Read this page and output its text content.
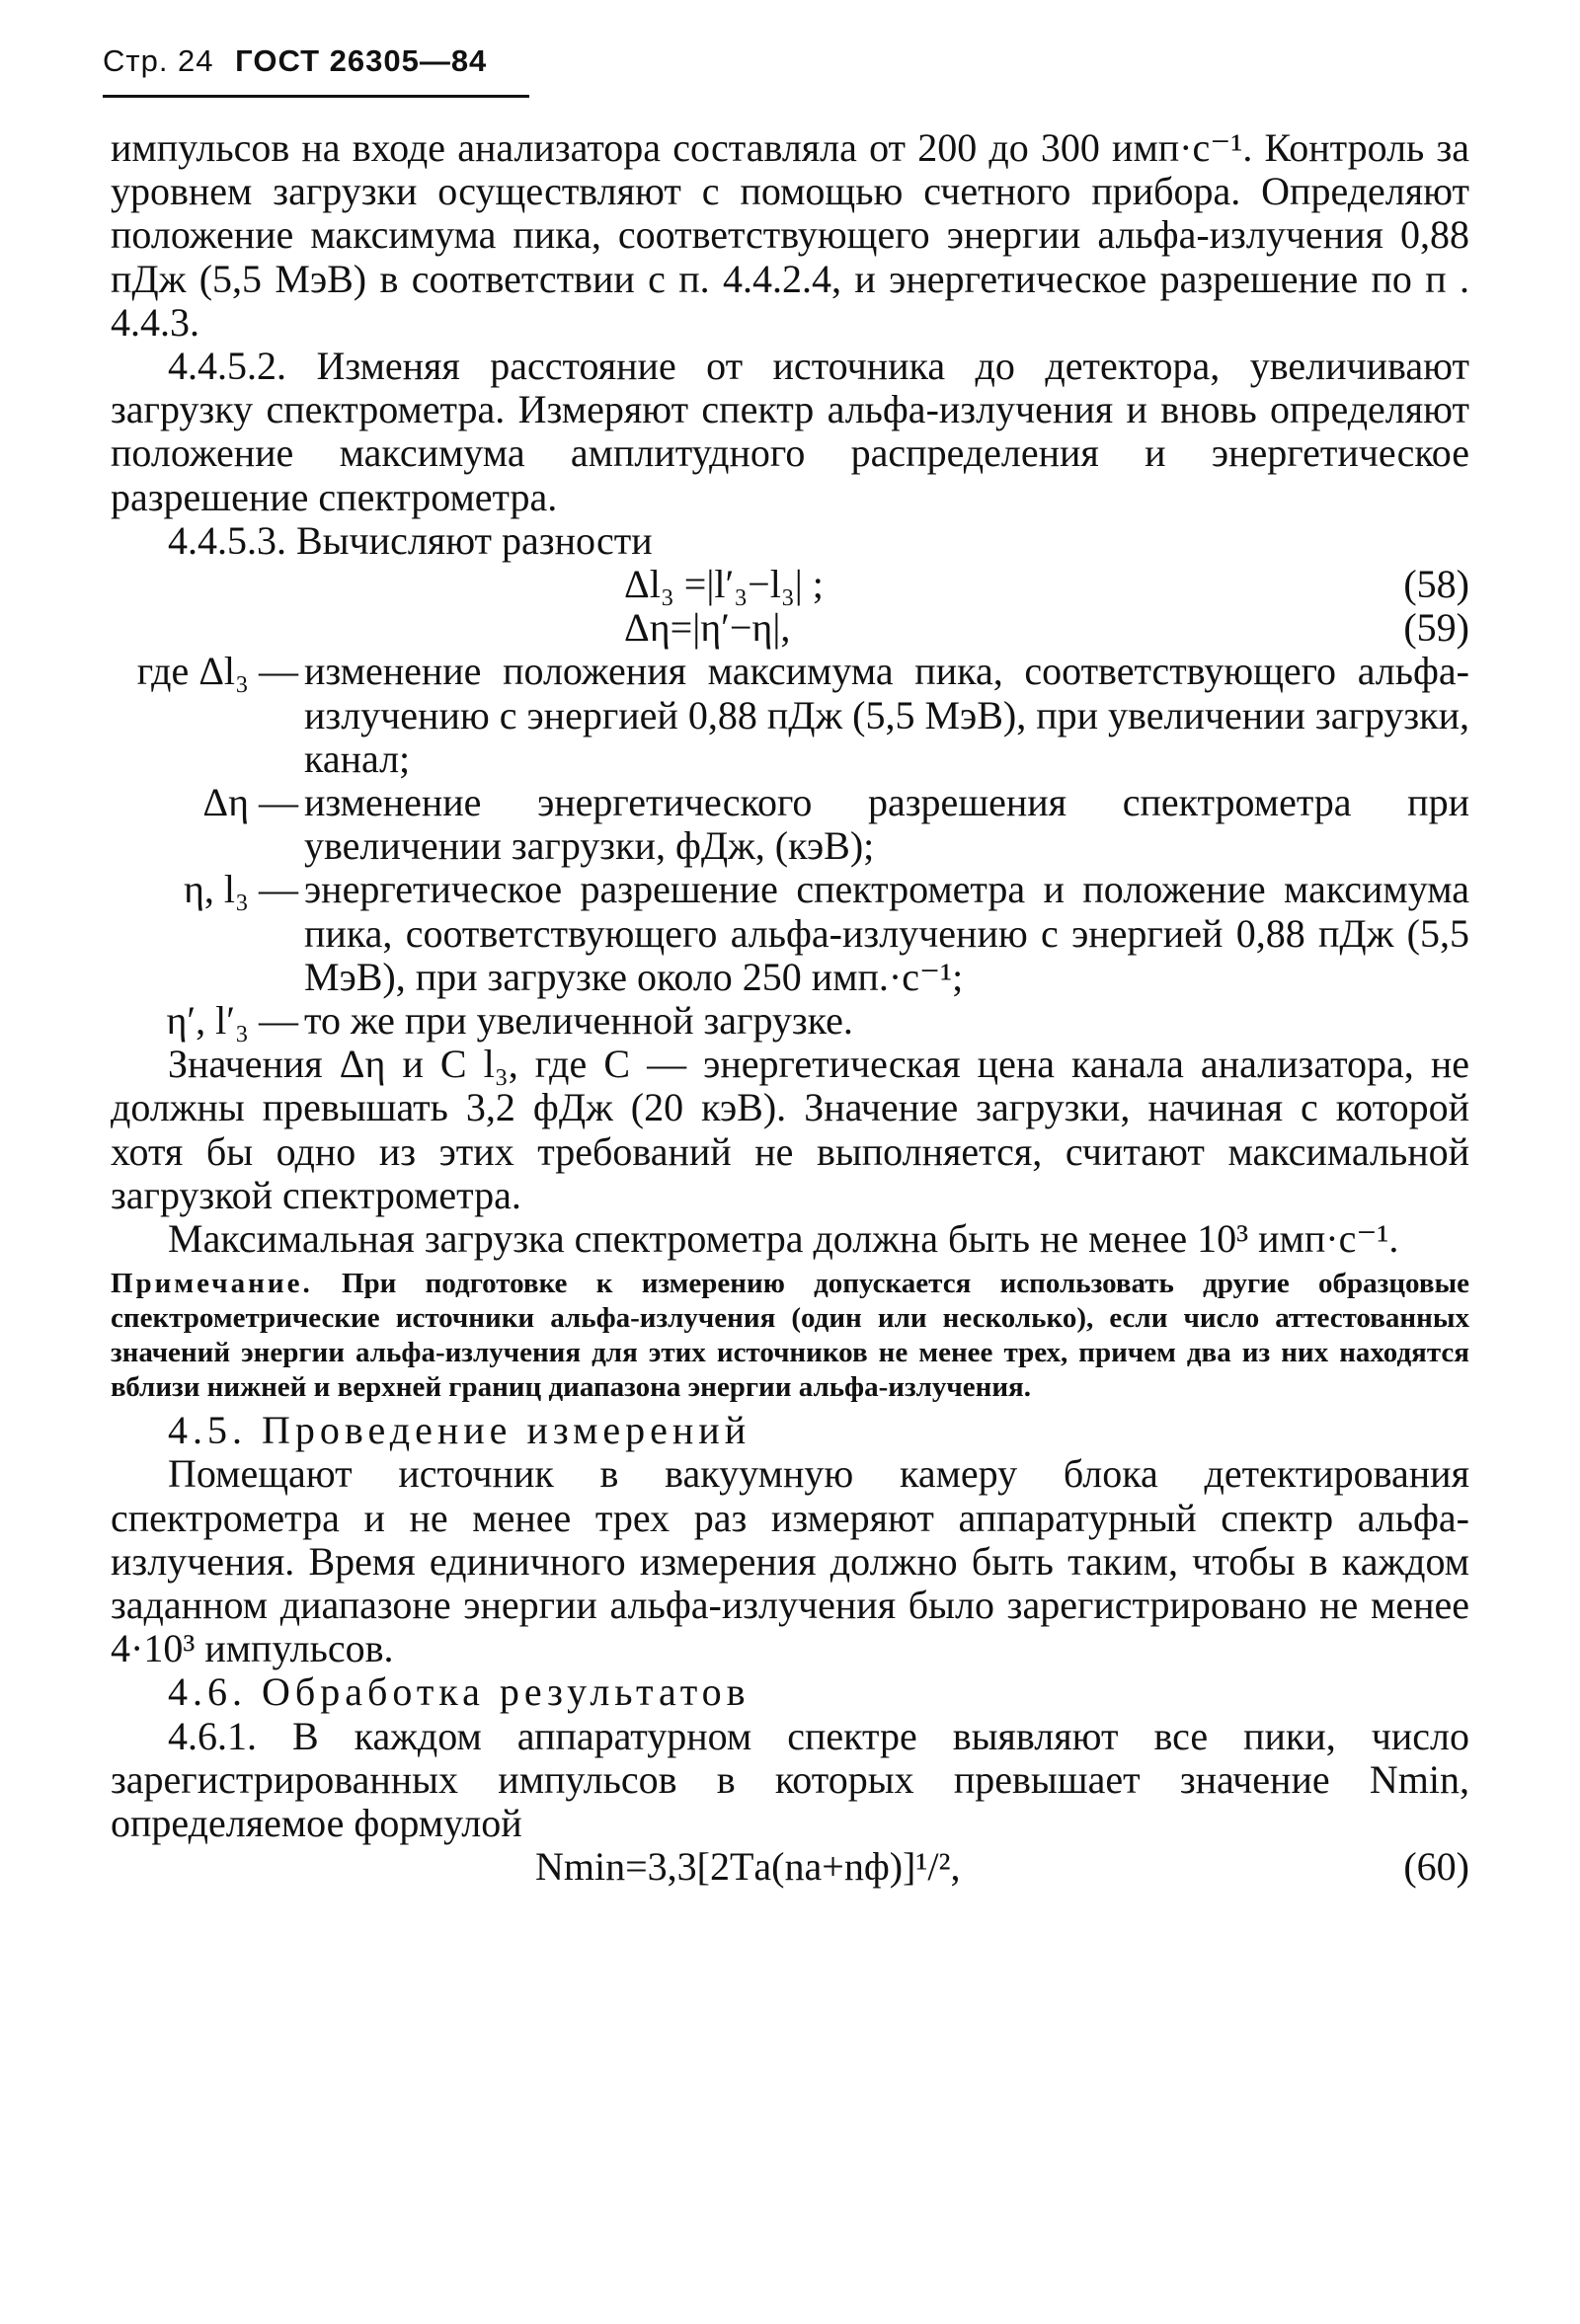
Стр. 24 ГОСТ 26305—84

импульсов на входе анализатора составляла от 200 до 300 имп·с⁻¹. Контроль за уровнем загрузки осуществляют с помощью счетного прибора. Определяют положение максимума пика, соответствующего энергии альфа-излучения 0,88 пДж (5,5 МэВ) в соответствии с п. 4.4.2.4, и энергетическое разрешение по п . 4.4.3.

4.4.5.2. Изменяя расстояние от источника до детектора, увеличивают загрузку спектрометра. Измеряют спектр альфа-излучения и вновь определяют положение максимума амплитудного распределения и энергетическое разрешение спектрометра.

4.4.5.3. Вычисляют разности

Δl₃ =|l′₃−l₃| ;	(58)
Δη=|η′−η|,	(59)
где Δl₃ — изменение положения максимума пика, соответствующего альфа-излучению с энергией 0,88 пДж (5,5 МэВ), при увеличении загрузки, канал;
Δη — изменение энергетического разрешения спектрометра при увеличении загрузки, фДж, (кэВ);
η, l₃ — энергетическое разрешение спектрометра и положение максимума пика, соответствующего альфа-излучению с энергией 0,88 пДж (5,5 МэВ), при загрузке около 250 имп.·с⁻¹;
η′, l′₃ — то же при увеличенной загрузке.

Значения Δη и C l₃, где C — энергетическая цена канала анализатора, не должны превышать 3,2 фДж (20 кэВ). Значение загрузки, начиная с которой хотя бы одно из этих требований не выполняется, считают максимальной загрузкой спектрометра.

Максимальная загрузка спектрометра должна быть не менее 10³ имп·с⁻¹.

Примечание. При подготовке к измерению допускается использовать другие образцовые спектрометрические источники альфа-излучения (один или несколько), если число аттестованных значений энергии альфа-излучения для этих источников не менее трех, причем два из них находятся вблизи нижней и верхней границ диапазона энергии альфа-излучения.

4.5. Проведение измерений

Помещают источник в вакуумную камеру блока детектирования спектрометра и не менее трех раз измеряют аппаратурный спектр альфа-излучения. Время единичного измерения должно быть таким, чтобы в каждом заданном диапазоне энергии альфа-излучения было зарегистрировано не менее 4·10³ импульсов.

4.6. Обработка результатов

4.6.1. В каждом аппаратурном спектре выявляют все пики, число зарегистрированных импульсов в которых превышает значение Nmin, определяемое формулой

Nmin=3,3[2Tа(nа+nф)]¹/²,	(60)
